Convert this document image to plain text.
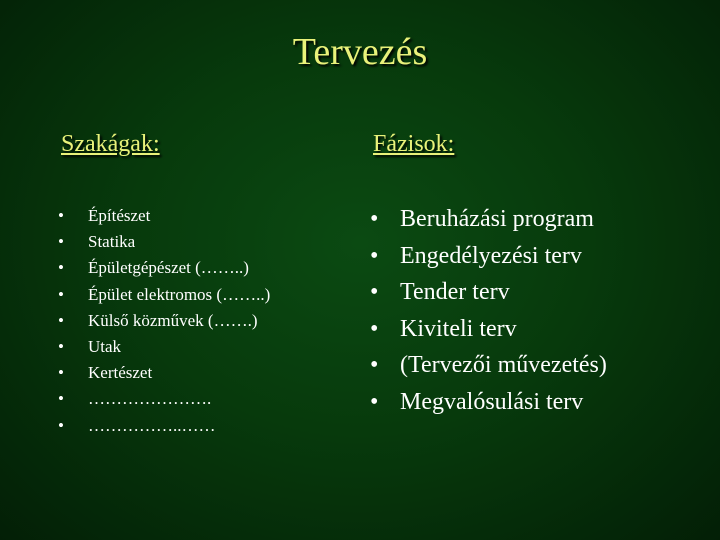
Tervezés
Szakágak:	Fázisok:
•	Építészet
•	Statika
•	Épületgépészet (……..)
•	Épület elektromos (……..)
•	Külső közművek (…….)
•	Utak
•	Kertészet
•	………………….
•	……………..……
• Beruházási program
• Engedélyezési terv
• Tender terv
• Kiviteli terv
• (Tervezői művezetés)
• Megvalósulási terv
